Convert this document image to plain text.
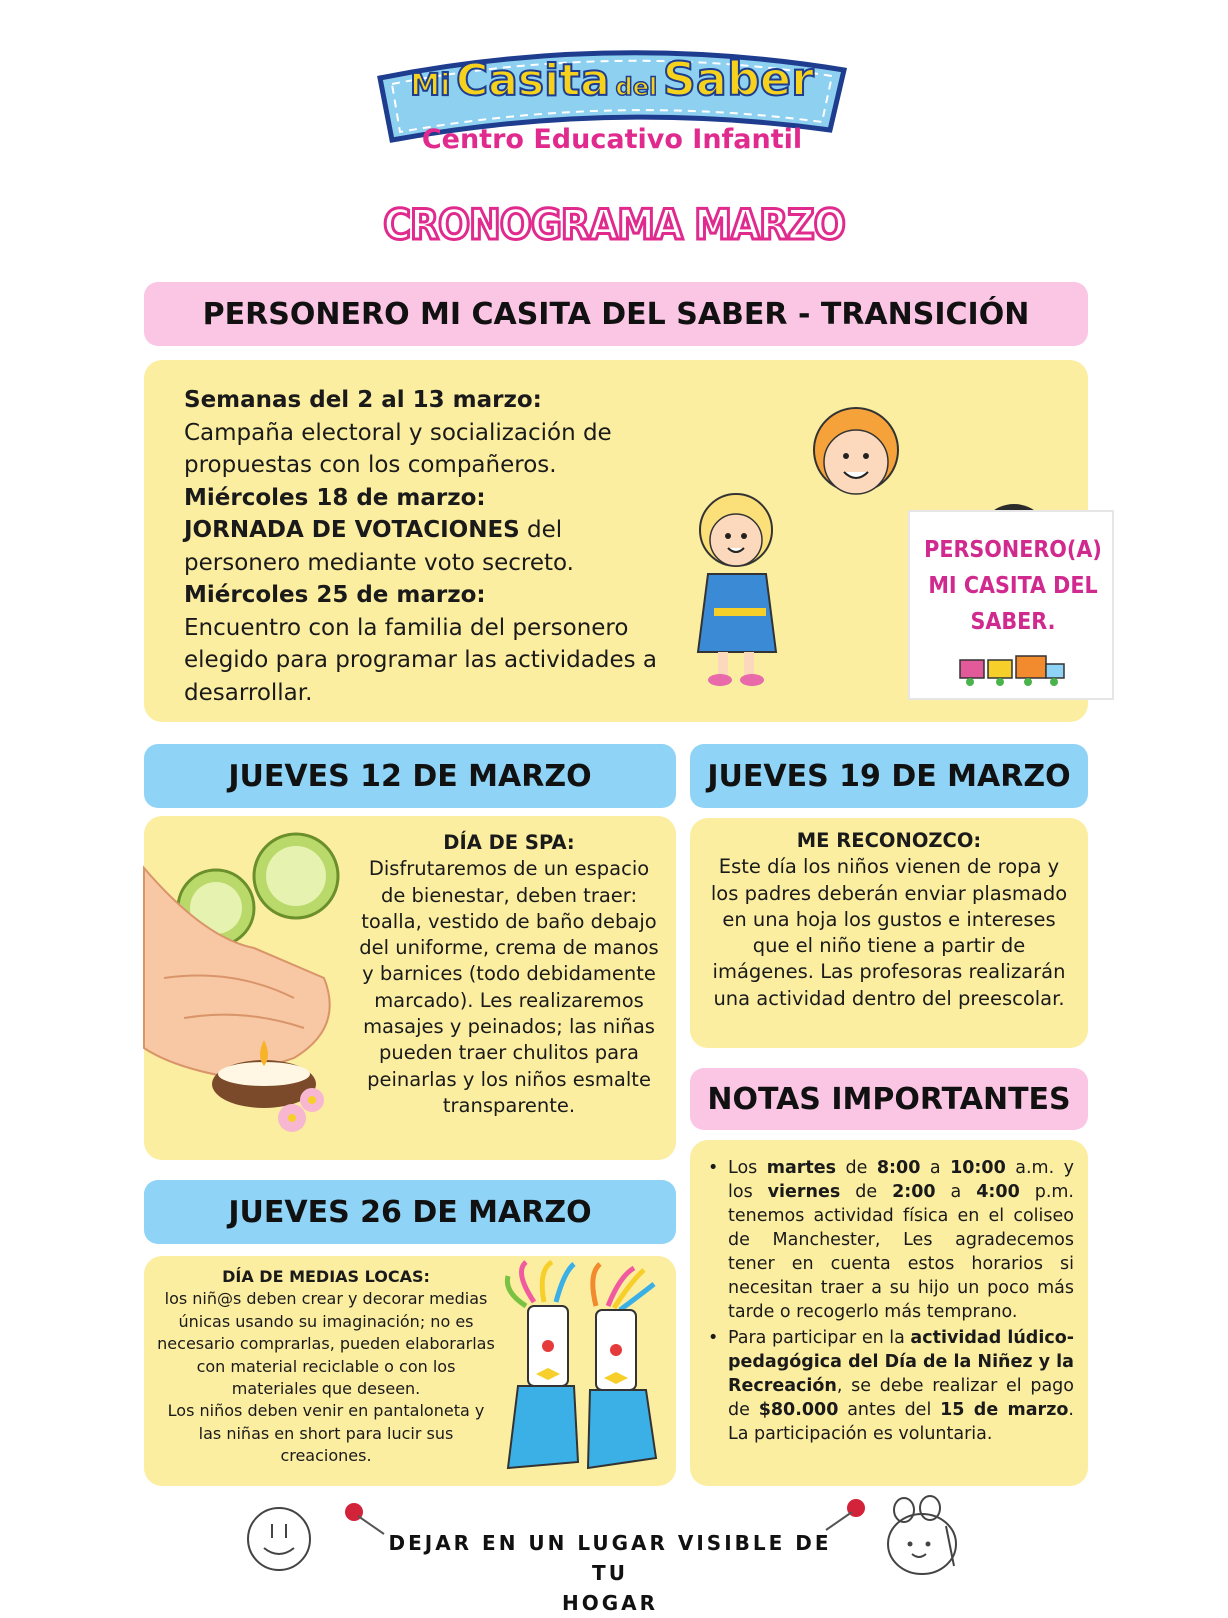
Mi Casita del Saber
Centro Educativo Infantil
CRONOGRAMA MARZO
PERSONERO MI CASITA DEL SABER - TRANSICIÓN
Semanas del 2 al 13 marzo:
Campaña electoral y socialización de propuestas con los compañeros.
Miércoles 18 de marzo:
JORNADA DE VOTACIONES del personero mediante voto secreto.
Miércoles 25 de marzo:
Encuentro con la familia del personero elegido para programar las actividades a desarrollar.
PERSONERO(A)
MI CASITA DEL
SABER.
JUEVES 12 DE MARZO
DÍA DE SPA:
Disfrutaremos de un espacio de bienestar, deben traer: toalla, vestido de baño debajo del uniforme, crema de manos y barnices (todo debidamente marcado). Les realizaremos masajes y peinados; las niñas pueden traer chulitos para peinarlas y los niños esmalte transparente.
JUEVES 19 DE MARZO
ME RECONOZCO:
Este día los niños vienen de ropa y los padres deberán enviar plasmado en una hoja los gustos e intereses que el niño tiene a partir de imágenes. Las profesoras realizarán una actividad dentro del preescolar.
NOTAS IMPORTANTES
• Los martes de 8:00 a 10:00 a.m. y los viernes de 2:00 a 4:00 p.m. tenemos actividad física en el coliseo de Manchester, Les agradecemos tener en cuenta estos horarios si necesitan traer a su hijo un poco más tarde o recogerlo más temprano.
• Para participar en la actividad lúdico-pedagógica del Día de la Niñez y la Recreación, se debe realizar el pago de $80.000 antes del 15 de marzo. La participación es voluntaria.
JUEVES 26 DE MARZO
DÍA DE MEDIAS LOCAS:
los niñ@s deben crear y decorar medias únicas usando su imaginación; no es necesario comprarlas, pueden elaborarlas con material reciclable o con los materiales que deseen.
Los niños deben venir en pantaloneta y las niñas en short para lucir sus creaciones.
DEJAR EN UN LUGAR VISIBLE DE TU
HOGAR
